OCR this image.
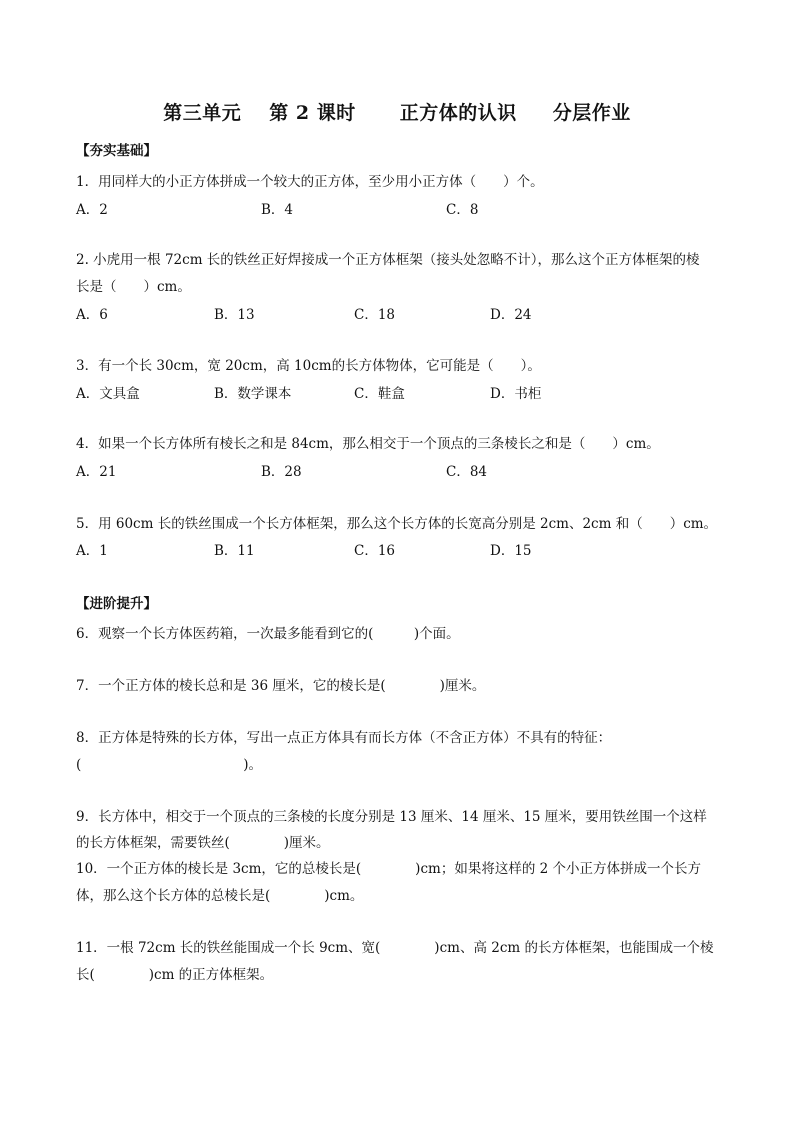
第三单元 第 2 课时 正方体的认识 分层作业
【夯实基础】
1．用同样大的小正方体拼成一个较大的正方体，至少用小正方体（　　）个。
A．2	B．4	C．8
2. 小虎用一根 72cm 长的铁丝正好焊接成一个正方体框架（接头处忽略不计），那么这个正方体框架的棱
长是（　　）cm。
A．6	B．13	C．18	D．24
3．有一个长 30cm，宽 20cm，高 10cm的长方体物体，它可能是（　　）。
A．文具盒	B．数学课本	C．鞋盒	D．书柜
4．如果一个长方体所有棱长之和是 84cm，那么相交于一个顶点的三条棱长之和是（　　）cm。
A．21	B．28	C．84
5．用 60cm 长的铁丝围成一个长方体框架，那么这个长方体的长宽高分别是 2cm、2cm 和（　　）cm。
A．1	B．11	C．16	D．15
【进阶提升】
6．观察一个长方体医药箱，一次最多能看到它的(　　　)个面。
7．一个正方体的棱长总和是 36 厘米，它的棱长是(　　　　)厘米。
8．正方体是特殊的长方体，写出一点正方体具有而长方体（不含正方体）不具有的特征：
(　　　　　　　　　　　　)。
9．长方体中，相交于一个顶点的三条棱的长度分别是 13 厘米、14 厘米、15 厘米，要用铁丝围一个这样
的长方体框架，需要铁丝(　　　　)厘米。
10．一个正方体的棱长是 3cm，它的总棱长是(　　　　)cm；如果将这样的 2 个小正方体拼成一个长方
体，那么这个长方体的总棱长是(　　　　)cm。
11．一根 72cm 长的铁丝能围成一个长 9cm、宽(　　　　)cm、高 2cm 的长方体框架，也能围成一个棱
长(　　　　)cm 的正方体框架。
